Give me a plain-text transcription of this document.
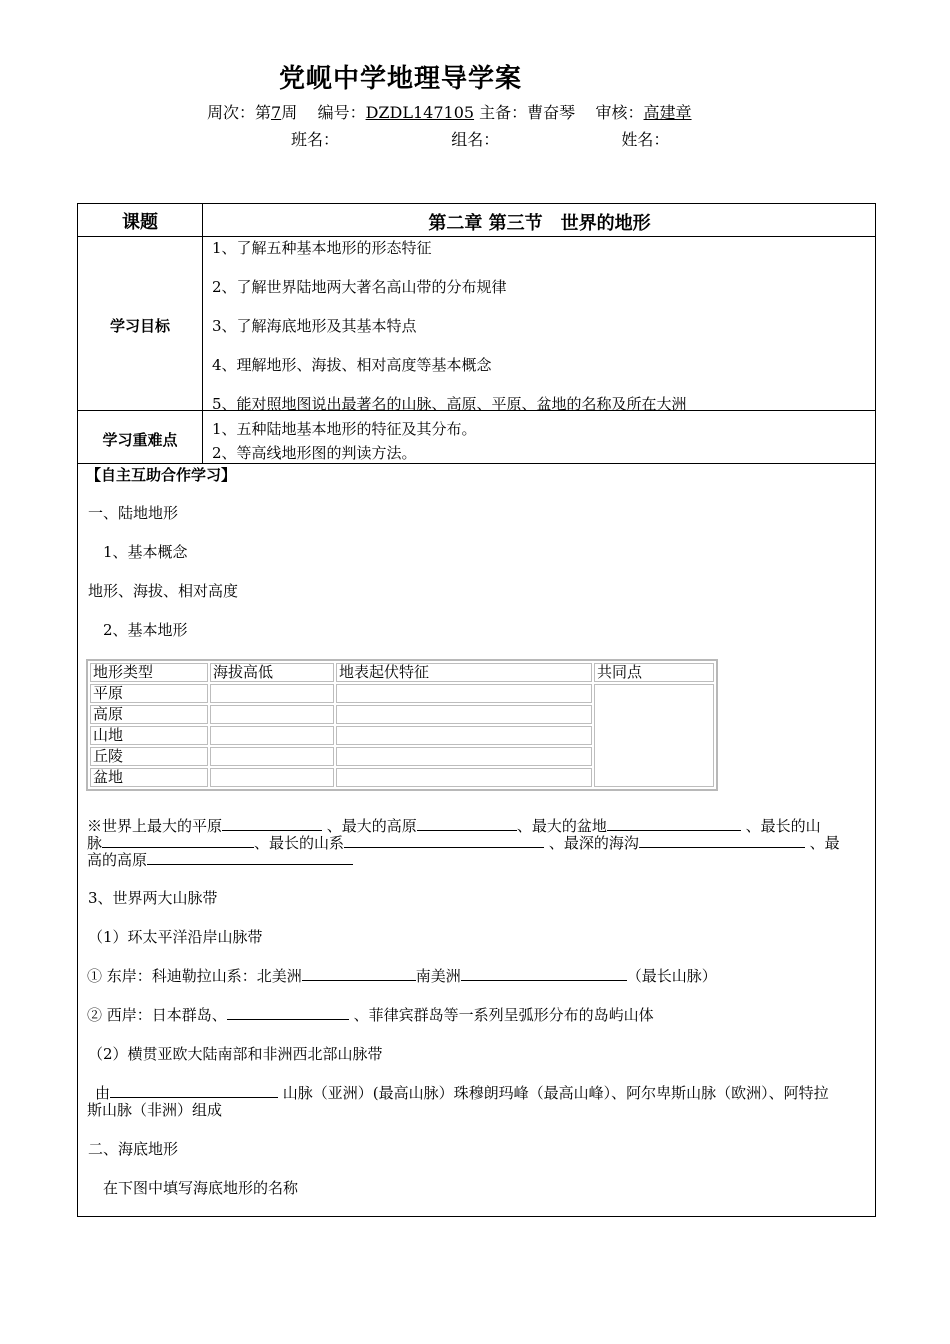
党岘中学地理导学案
周次：第7周 编号：DZDL147105 主备：曹奋琴 审核：高建章
班名：	组名：	姓名：
课题	第二章 第三节　世界的地形
学习目标
1、了解五种基本地形的形态特征
2、了解世界陆地两大著名高山带的分布规律
3、了解海底地形及其基本特点
4、理解地形、海拔、相对高度等基本概念
5、能对照地图说出最著名的山脉、高原、平原、盆地的名称及所在大洲
学习重难点
1、五种陆地基本地形的特征及其分布。
2、等高线地形图的判读方法。
【自主互助合作学习】
一、陆地地形
1、基本概念
地形、海拔、相对高度
2、基本地形
地形类型	海拔高低	地表起伏特征	共同点
平原			
高原			
山地			
丘陵			
盆地			
※世界上最大的平原	、最大的高原	、最大的盆地	、最长的山
脉	、最长的山系	、最深的海沟	、最
高的高原
3、世界两大山脉带
（1）环太平洋沿岸山脉带
① 东岸：科迪勒拉山系：北美洲	南美洲	（最长山脉）
② 西岸：日本群岛、	、菲律宾群岛等一系列呈弧形分布的岛屿山体
（2）横贯亚欧大陆南部和非洲西北部山脉带
由	山脉（亚洲）(最高山脉）珠穆朗玛峰（最高山峰）、阿尔卑斯山脉（欧洲）、阿特拉
斯山脉（非洲）组成
二、海底地形
在下图中填写海底地形的名称
